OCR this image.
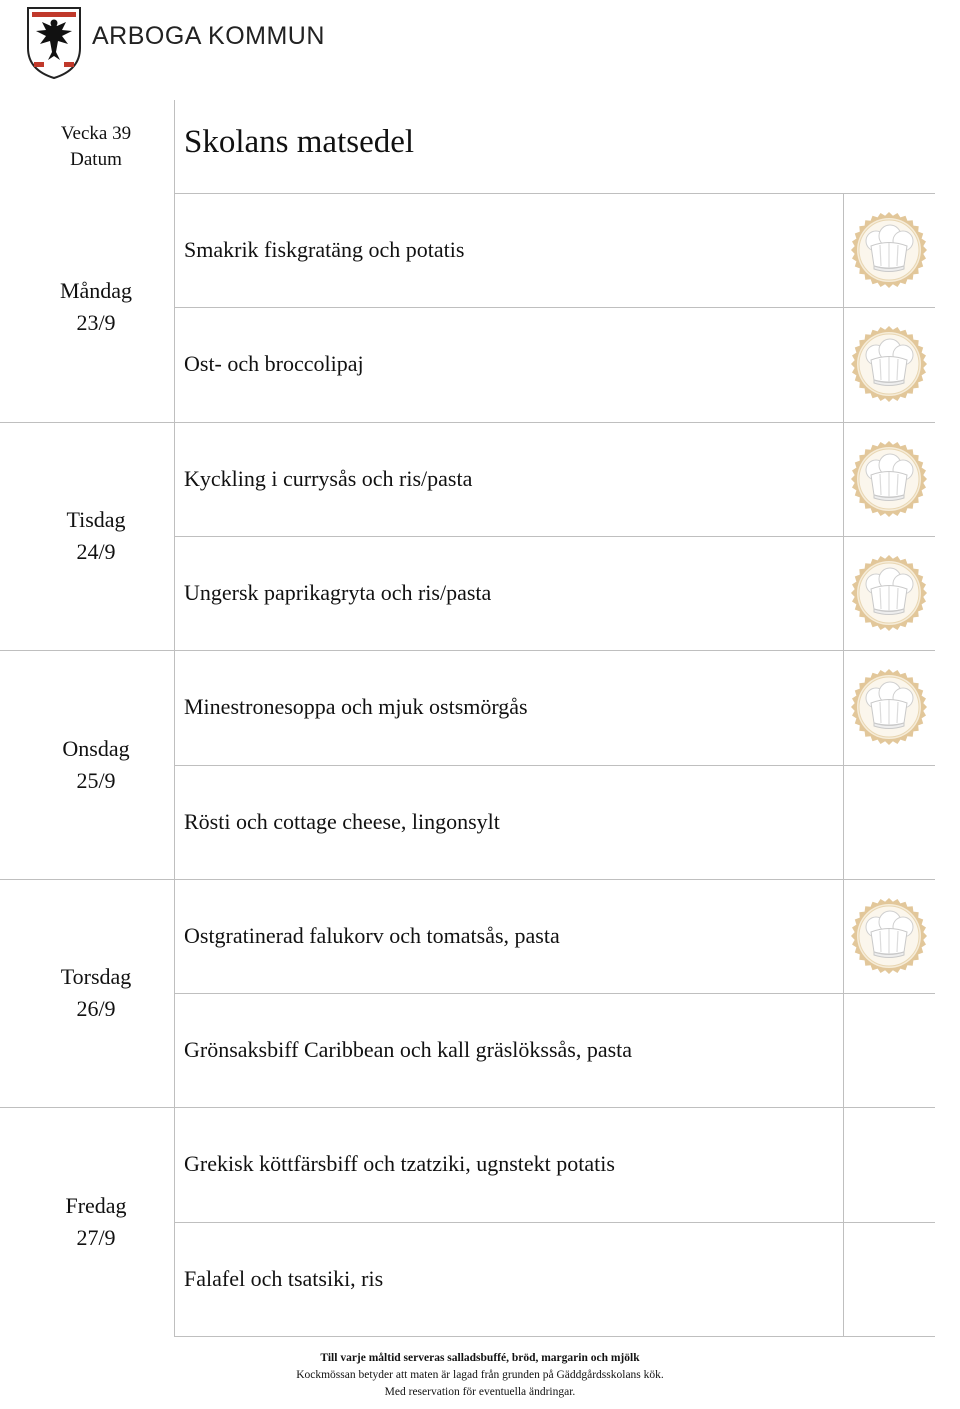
ARBOGA KOMMUN
Vecka 39
Datum	Skolans matsedel
Måndag
23/9
Smakrik fiskgratäng och potatis
Ost- och broccolipaj
Tisdag
24/9
Kyckling i currysås och ris/pasta
Ungersk paprikagryta och ris/pasta
Onsdag
25/9
Minestronesoppa och mjuk ostsmörgås
Rösti och cottage cheese, lingonsylt
Torsdag
26/9
Ostgratinerad falukorv och tomatsås, pasta
Grönsaksbiff Caribbean och kall gräslökssås, pasta
Fredag
27/9
Grekisk köttfärsbiff och tzatziki, ugnstekt potatis
Falafel och tsatsiki, ris
Till varje måltid serveras salladsbuffé, bröd, margarin och mjölk
Kockmössan betyder att maten är lagad från grunden på Gäddgårdsskolans kök.
Med reservation för eventuella ändringar.
